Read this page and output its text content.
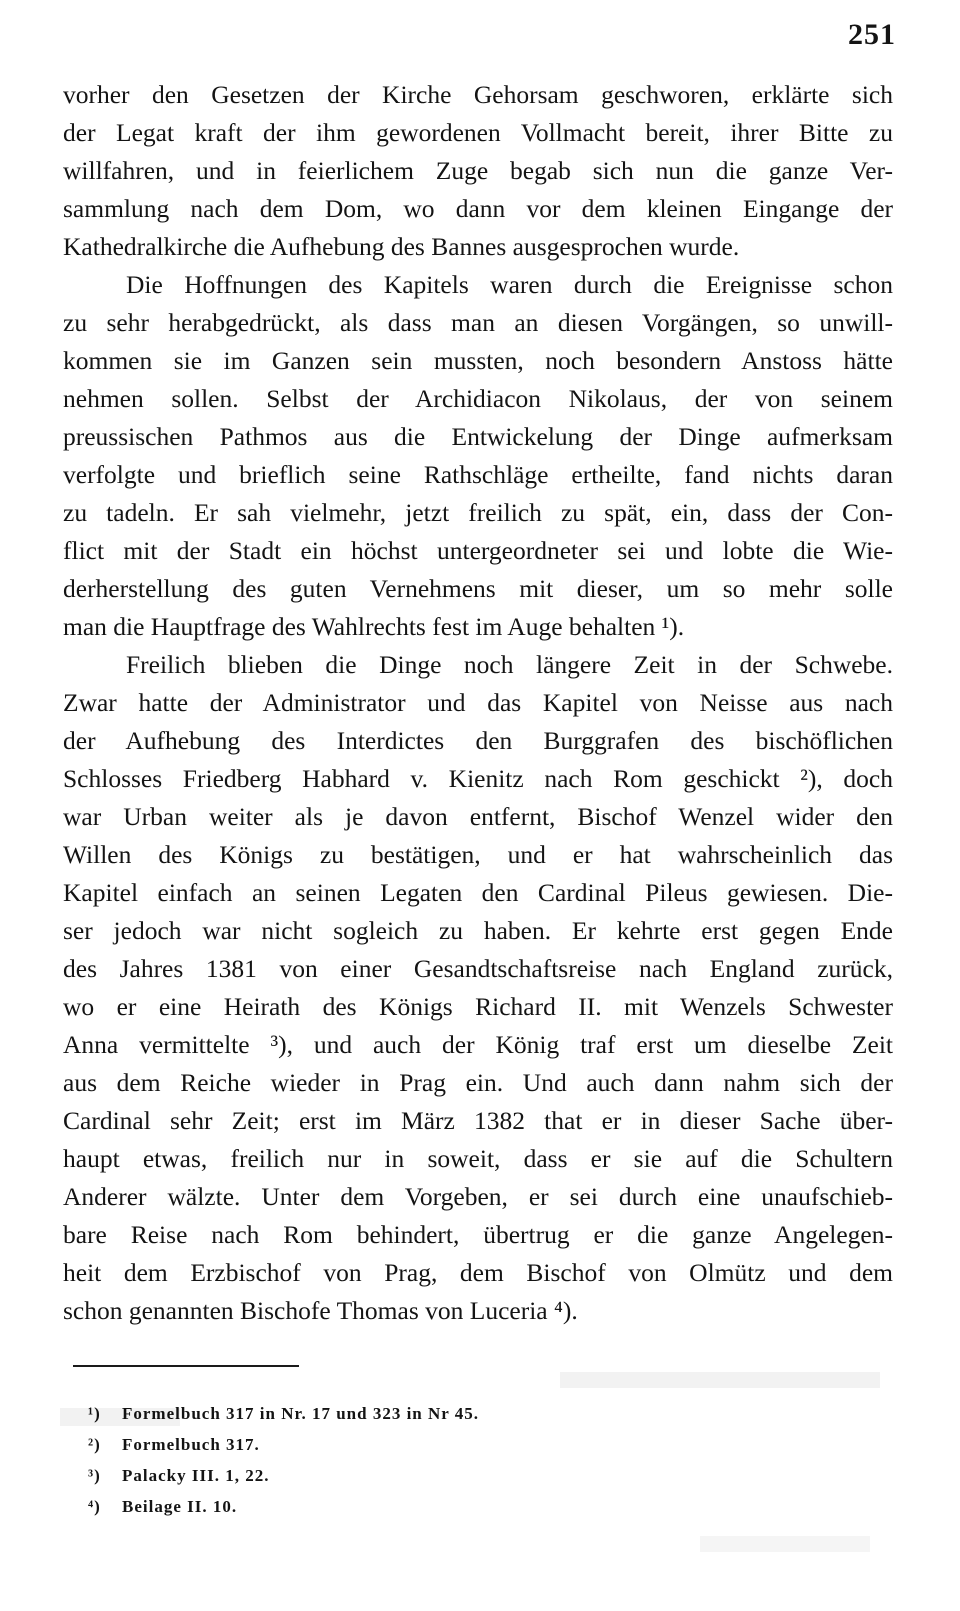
251
vorher den Gesetzen der Kirche Gehorsam geschworen, erklärte sich
der Legat kraft der ihm gewordenen Vollmacht bereit, ihrer Bitte zu
willfahren, und in feierlichem Zuge begab sich nun die ganze Ver-
sammlung nach dem Dom, wo dann vor dem kleinen Eingange der
Kathedralkirche die Aufhebung des Bannes ausgesprochen wurde.
Die Hoffnungen des Kapitels waren durch die Ereignisse schon
zu sehr herabgedrückt, als dass man an diesen Vorgängen, so unwill-
kommen sie im Ganzen sein mussten, noch besondern Anstoss hätte
nehmen sollen. Selbst der Archidiacon Nikolaus, der von seinem
preussischen Pathmos aus die Entwickelung der Dinge aufmerksam
verfolgte und brieflich seine Rathschläge ertheilte, fand nichts daran
zu tadeln. Er sah vielmehr, jetzt freilich zu spät, ein, dass der Con-
flict mit der Stadt ein höchst untergeordneter sei und lobte die Wie-
derherstellung des guten Vernehmens mit dieser, um so mehr solle
man die Hauptfrage des Wahlrechts fest im Auge behalten ¹).
Freilich blieben die Dinge noch längere Zeit in der Schwebe.
Zwar hatte der Administrator und das Kapitel von Neisse aus nach
der Aufhebung des Interdictes den Burggrafen des bischöflichen
Schlosses Friedberg Habhard v. Kienitz nach Rom geschickt ²), doch
war Urban weiter als je davon entfernt, Bischof Wenzel wider den
Willen des Königs zu bestätigen, und er hat wahrscheinlich das
Kapitel einfach an seinen Legaten den Cardinal Pileus gewiesen. Die-
ser jedoch war nicht sogleich zu haben. Er kehrte erst gegen Ende
des Jahres 1381 von einer Gesandtschaftsreise nach England zurück,
wo er eine Heirath des Königs Richard II. mit Wenzels Schwester
Anna vermittelte ³), und auch der König traf erst um dieselbe Zeit
aus dem Reiche wieder in Prag ein. Und auch dann nahm sich der
Cardinal sehr Zeit; erst im März 1382 that er in dieser Sache über-
haupt etwas, freilich nur in soweit, dass er sie auf die Schultern
Anderer wälzte. Unter dem Vorgeben, er sei durch eine unaufschieb-
bare Reise nach Rom behindert, übertrug er die ganze Angelegen-
heit dem Erzbischof von Prag, dem Bischof von Olmütz und dem
schon genannten Bischofe Thomas von Luceria ⁴).
¹) Formelbuch 317 in Nr. 17 und 323 in Nr 45.
²) Formelbuch 317.
³) Palacky III. 1, 22.
⁴) Beilage II. 10.
